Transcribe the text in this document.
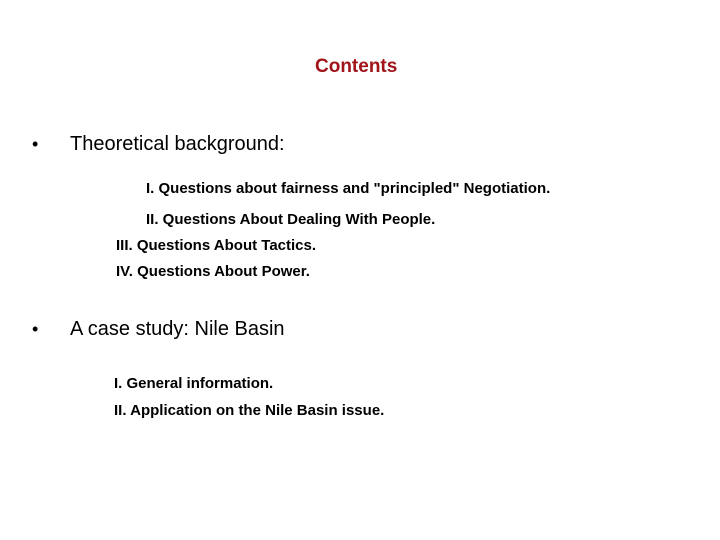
Contents
• Theoretical background:
I. Questions about fairness and "principled" Negotiation.
II. Questions About Dealing With People.
III. Questions About Tactics.
IV. Questions About Power.
• A case study: Nile Basin
I. General information.
II. Application on the Nile Basin issue.
